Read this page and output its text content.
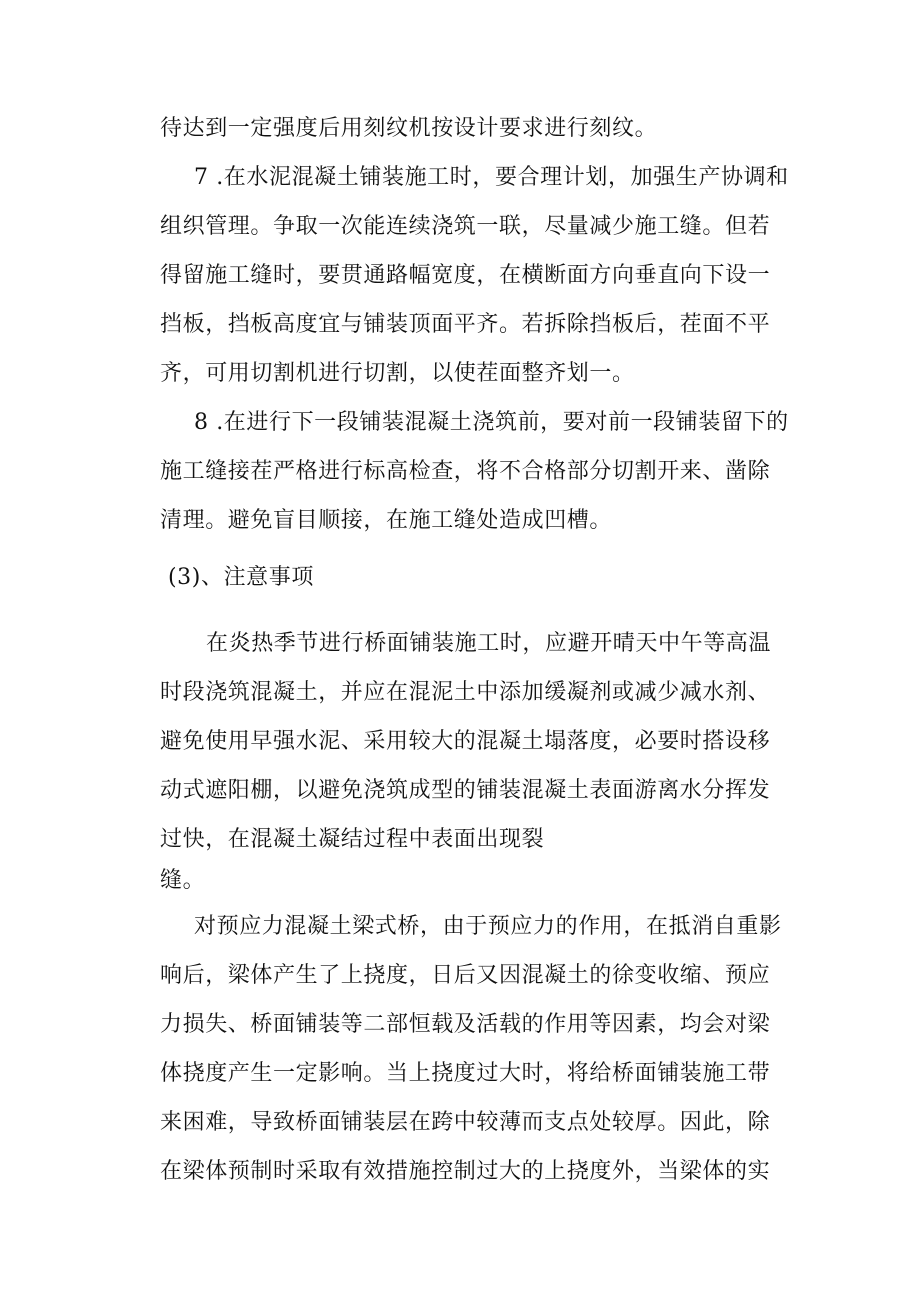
待达到一定强度后用刻纹机按设计要求进行刻纹。
7 .在水泥混凝土铺装施工时，要合理计划，加强生产协调和
组织管理。争取一次能连续浇筑一联，尽量减少施工缝。但若
得留施工缝时，要贯通路幅宽度，在横断面方向垂直向下设一
挡板，挡板高度宜与铺装顶面平齐。若拆除挡板后，茬面不平
齐，可用切割机进行切割，以使茬面整齐划一。
8 .在进行下一段铺装混凝土浇筑前，要对前一段铺装留下的
施工缝接茬严格进行标高检查，将不合格部分切割开来、凿除
清理。避免盲目顺接，在施工缝处造成凹槽。
(3)、注意事项
在炎热季节进行桥面铺装施工时，应避开晴天中午等高温
时段浇筑混凝土，并应在混泥土中添加缓凝剂或减少减水剂、
避免使用早强水泥、采用较大的混凝土塌落度，必要时搭设移
动式遮阳棚，以避免浇筑成型的铺装混凝土表面游离水分挥发
过快，在混凝土凝结过程中表面出现裂
缝。
对预应力混凝土梁式桥，由于预应力的作用，在抵消自重影
响后，梁体产生了上挠度，日后又因混凝土的徐变收缩、预应
力损失、桥面铺装等二部恒载及活载的作用等因素，均会对梁
体挠度产生一定影响。当上挠度过大时，将给桥面铺装施工带
来困难，导致桥面铺装层在跨中较薄而支点处较厚。因此，除
在梁体预制时采取有效措施控制过大的上挠度外，当梁体的实
